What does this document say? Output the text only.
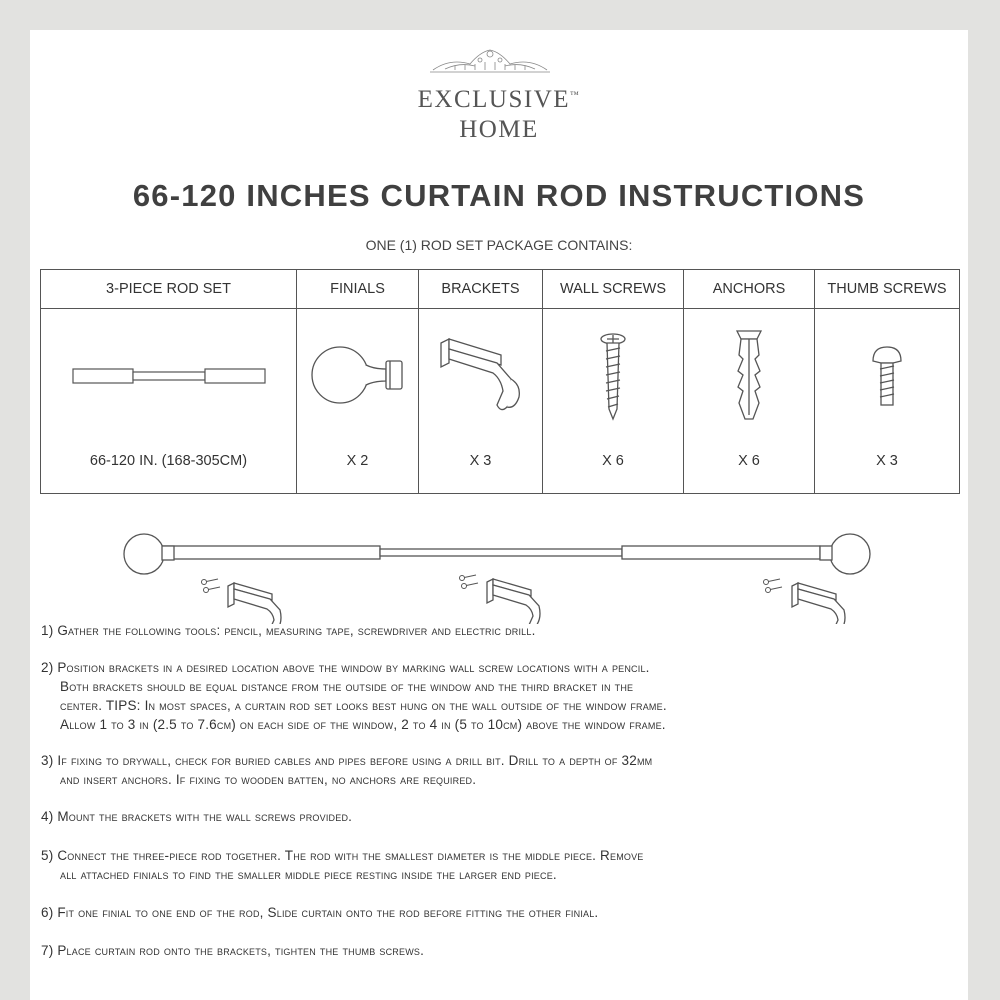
EXCLUSIVE™
HOME
66-120 INCHES CURTAIN ROD INSTRUCTIONS
ONE (1) ROD SET PACKAGE CONTAINS:
3-PIECE ROD SET	FINIALS	BRACKETS	WALL SCREWS	ANCHORS	THUMB SCREWS

66-120 IN. (168-305CM)	X 2	X 3	X 6	X 6	X 3
1) Gather the following tools: pencil, measuring tape, screwdriver and electric drill.
2) Position brackets in a desired location above the window by marking wall screw locations with a pencil.
Both brackets should be equal distance from the outside of the window and the third bracket in the
center. TIPS: In most spaces, a curtain rod set looks best hung on the wall outside of the window frame.
Allow 1 to 3 in (2.5 to 7.6cm) on each side of the window, 2 to 4 in (5 to 10cm) above the window frame.
3) If fixing to drywall, check for buried cables and pipes before using a drill bit. Drill to a depth of 32mm
and insert anchors. If fixing to wooden batten, no anchors are required.
4) Mount the brackets with the wall screws provided.
5) Connect the three-piece rod together. The rod with the smallest diameter is the middle piece. Remove
all attached finials to find the smaller middle piece resting inside the larger end piece.
6) Fit one finial to one end of the rod, Slide curtain onto the rod before fitting the other finial.
7) Place curtain rod onto the brackets, tighten the thumb screws.
